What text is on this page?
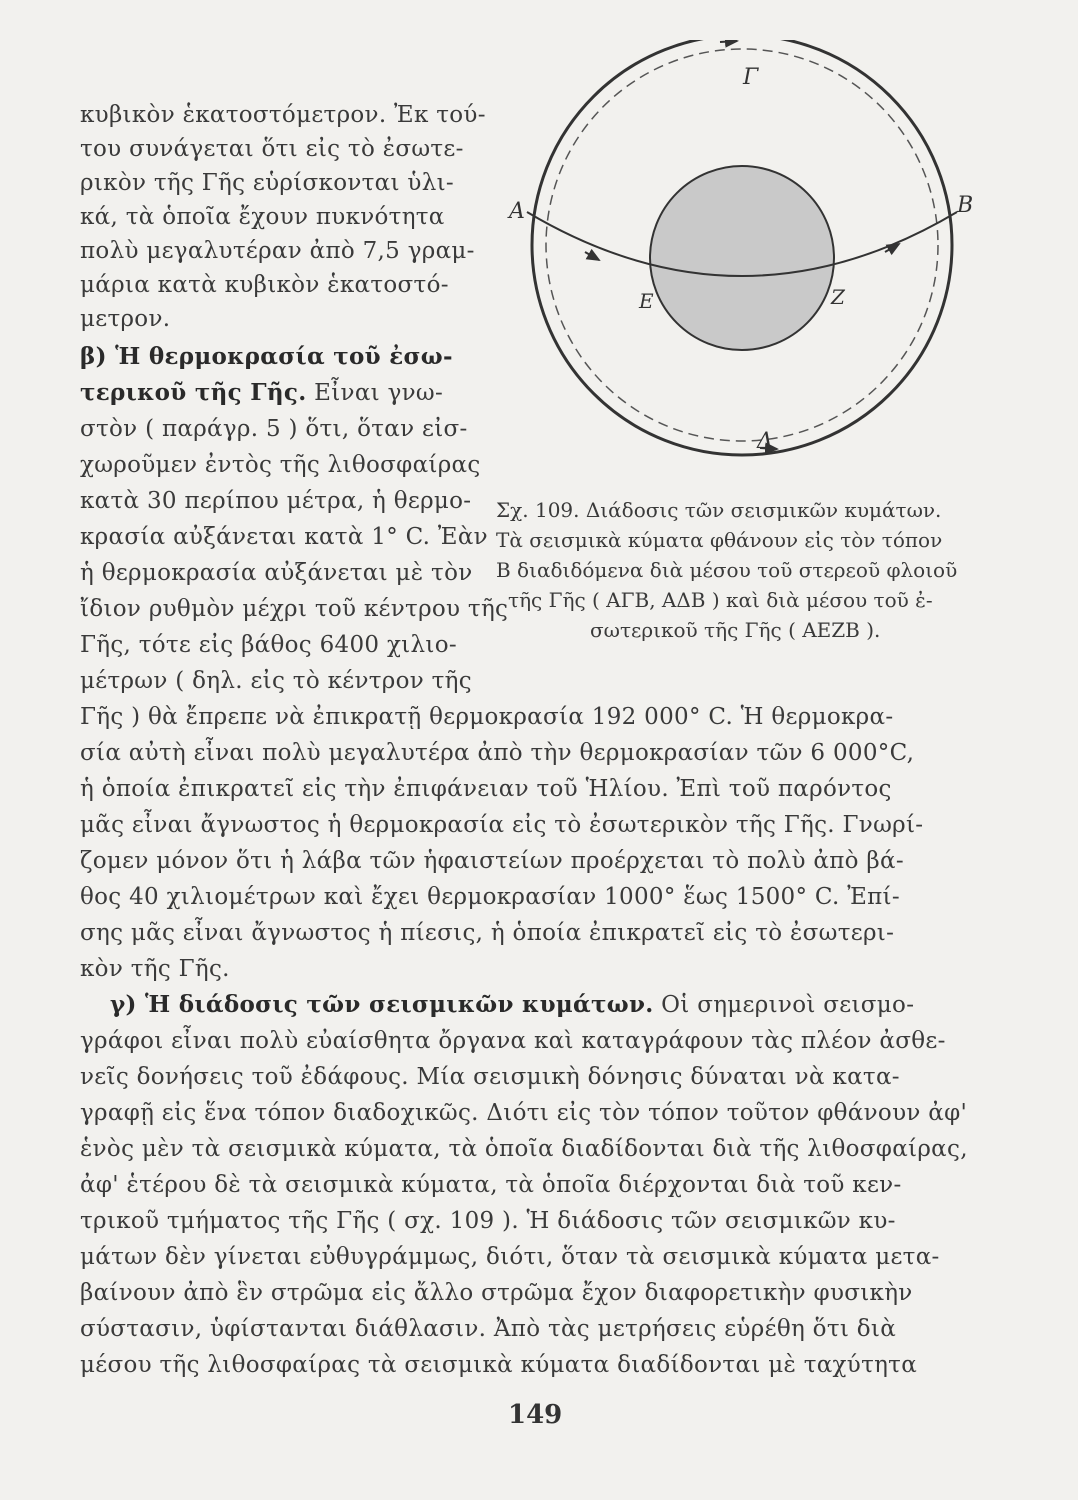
κυβικὸν ἑκατοστόμετρον. Ἐκ τού-
του συνάγεται ὅτι εἰς τὸ ἐσωτε-
ρικὸν τῆς Γῆς εὑρίσκονται ὑλι-
κά, τὰ ὁποῖα ἔχουν πυκνότητα
πολὺ μεγαλυτέραν ἀπὸ 7,5 γραμ-
μάρια κατὰ κυβικὸν ἑκατοστό-
μετρον.
β) Ἡ θερμοκρασία τοῦ ἐσω-
τερικοῦ τῆς Γῆς. Εἶναι γνω-
στὸν ( παράγρ. 5 ) ὅτι, ὅταν εἰσ-
χωροῦμεν ἐντὸς τῆς λιθοσφαίρας
κατὰ 30 περίπου μέτρα, ἡ θερμο-
κρασία αὐξάνεται κατὰ 1° C. Ἐὰν
ἡ θερμοκρασία αὐξάνεται μὲ τὸν
ἴδιον ρυθμὸν μέχρι τοῦ κέντρου τῆς
Γῆς, τότε εἰς βάθος 6400 χιλιο-
μέτρων ( δηλ. εἰς τὸ κέντρον τῆς
A	B
Γ
Δ
E	Z
Σχ. 109. Διάδοσις τῶν σεισμικῶν κυμάτων.
Τὰ σεισμικὰ κύματα φθάνουν εἰς τὸν τόπον
B διαδιδόμενα διὰ μέσου τοῦ στερεοῦ φλοιοῦ
τῆς Γῆς ( ΑΓΒ, ΑΔΒ ) καὶ διὰ μέσου τοῦ ἐ-
σωτερικοῦ τῆς Γῆς ( ΑΕΖΒ ).
Γῆς ) θὰ ἔπρεπε νὰ ἐπικρατῇ θερμοκρασία 192 000° C. Ἡ θερμοκρα-
σία αὐτὴ εἶναι πολὺ μεγαλυτέρα ἀπὸ τὴν θερμοκρασίαν τῶν 6 000°C,
ἡ ὁποία ἐπικρατεῖ εἰς τὴν ἐπιφάνειαν τοῦ Ἡλίου. Ἐπὶ τοῦ παρόντος
μᾶς εἶναι ἄγνωστος ἡ θερμοκρασία εἰς τὸ ἐσωτερικὸν τῆς Γῆς. Γνωρί-
ζομεν μόνον ὅτι ἡ λάβα τῶν ἡφαιστείων προέρχεται τὸ πολὺ ἀπὸ βά-
θος 40 χιλιομέτρων καὶ ἔχει θερμοκρασίαν 1000° ἕως 1500° C. Ἐπί-
σης μᾶς εἶναι ἄγνωστος ἡ πίεσις, ἡ ὁποία ἐπικρατεῖ εἰς τὸ ἐσωτερι-
κὸν τῆς Γῆς.
γ) Ἡ διάδοσις τῶν σεισμικῶν κυμάτων. Οἱ σημερινοὶ σεισμο-
γράφοι εἶναι πολὺ εὐαίσθητα ὄργανα καὶ καταγράφουν τὰς πλέον ἀσθε-
νεῖς δονήσεις τοῦ ἐδάφους. Μία σεισμικὴ δόνησις δύναται νὰ κατα-
γραφῇ εἰς ἕνα τόπον διαδοχικῶς. Διότι εἰς τὸν τόπον τοῦτον φθάνουν ἀφ'
ἑνὸς μὲν τὰ σεισμικὰ κύματα, τὰ ὁποῖα διαδίδονται διὰ τῆς λιθοσφαίρας,
ἀφ' ἑτέρου δὲ τὰ σεισμικὰ κύματα, τὰ ὁποῖα διέρχονται διὰ τοῦ κεν-
τρικοῦ τμήματος τῆς Γῆς ( σχ. 109 ). Ἡ διάδοσις τῶν σεισμικῶν κυ-
μάτων δὲν γίνεται εὐθυγράμμως, διότι, ὅταν τὰ σεισμικὰ κύματα μετα-
βαίνουν ἀπὸ ἓν στρῶμα εἰς ἄλλο στρῶμα ἔχον διαφορετικὴν φυσικὴν
σύστασιν, ὑφίστανται διάθλασιν. Ἀπὸ τὰς μετρήσεις εὑρέθη ὅτι διὰ
μέσου τῆς λιθοσφαίρας τὰ σεισμικὰ κύματα διαδίδονται μὲ ταχύτητα
149
